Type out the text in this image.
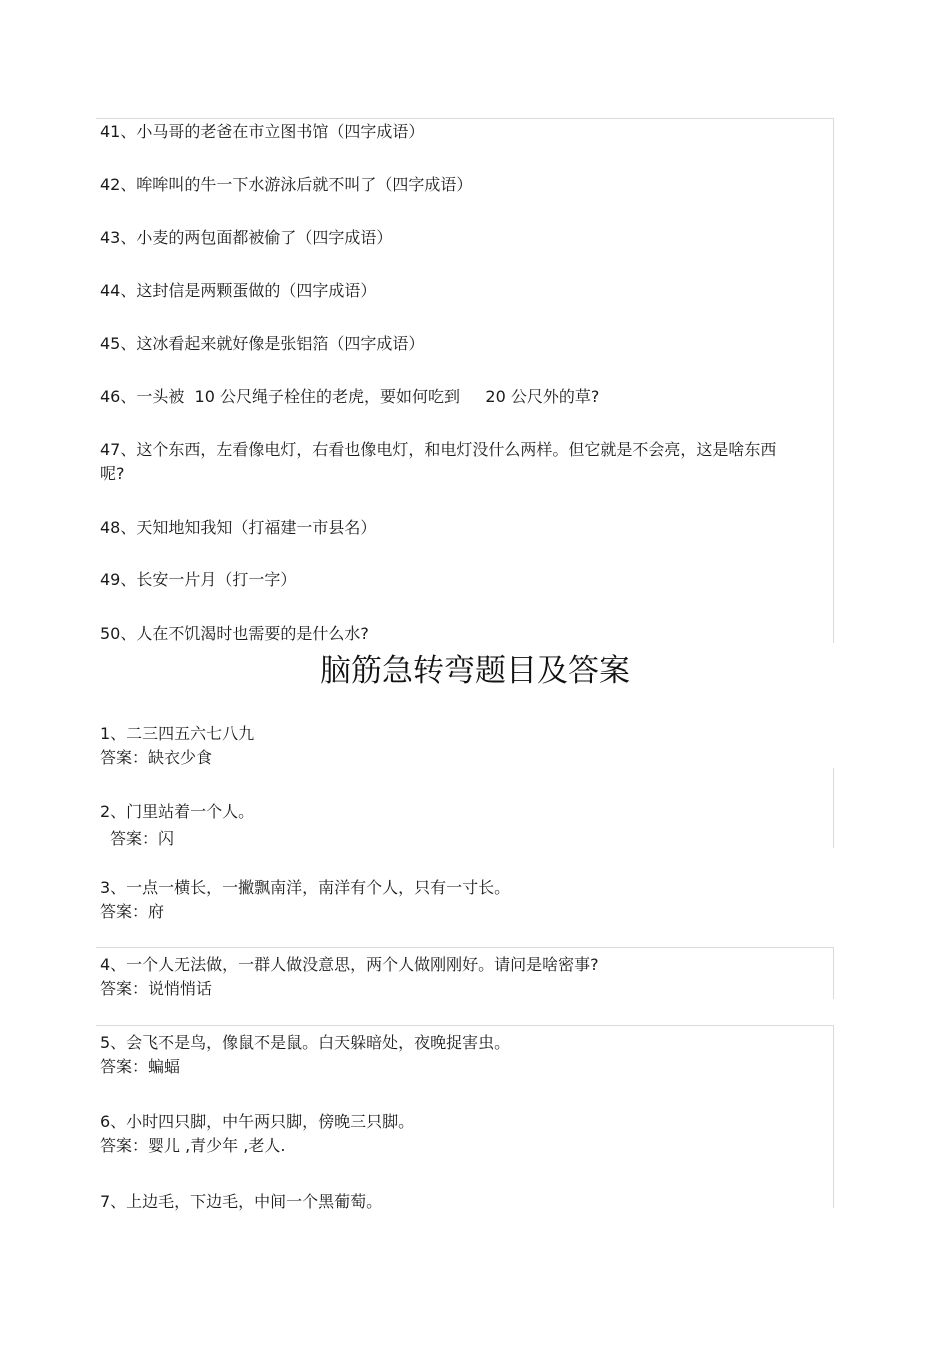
41、小马哥的老爸在市立图书馆（四字成语）
42、哞哞叫的牛一下水游泳后就不叫了（四字成语）
43、小麦的两包面都被偷了（四字成语）
44、这封信是两颗蛋做的（四字成语）
45、这冰看起来就好像是张铝箔（四字成语）
46、一头被  10 公尺绳子栓住的老虎，要如何吃到     20 公尺外的草?
47、这个东西，左看像电灯，右看也像电灯，和电灯没什么两样。但它就是不会亮，这是啥东西呢?
48、天知地知我知（打福建一市县名）
49、长安一片月（打一字）
50、人在不饥渴时也需要的是什么水?
脑筋急转弯题目及答案
1、二三四五六七八九
答案：缺衣少食
2、门里站着一个人。
答案：闪
3、一点一横长，一撇飘南洋，南洋有个人，只有一寸长。
答案：府
4、一个人无法做，一群人做没意思，两个人做刚刚好。请问是啥密事?
答案：说悄悄话
5、会飞不是鸟，像鼠不是鼠。白天躲暗处，夜晚捉害虫。
答案：蝙蝠
6、小时四只脚，中午两只脚，傍晚三只脚。
答案：婴儿 ,青少年 ,老人.
7、上边毛，下边毛，中间一个黑葡萄。
